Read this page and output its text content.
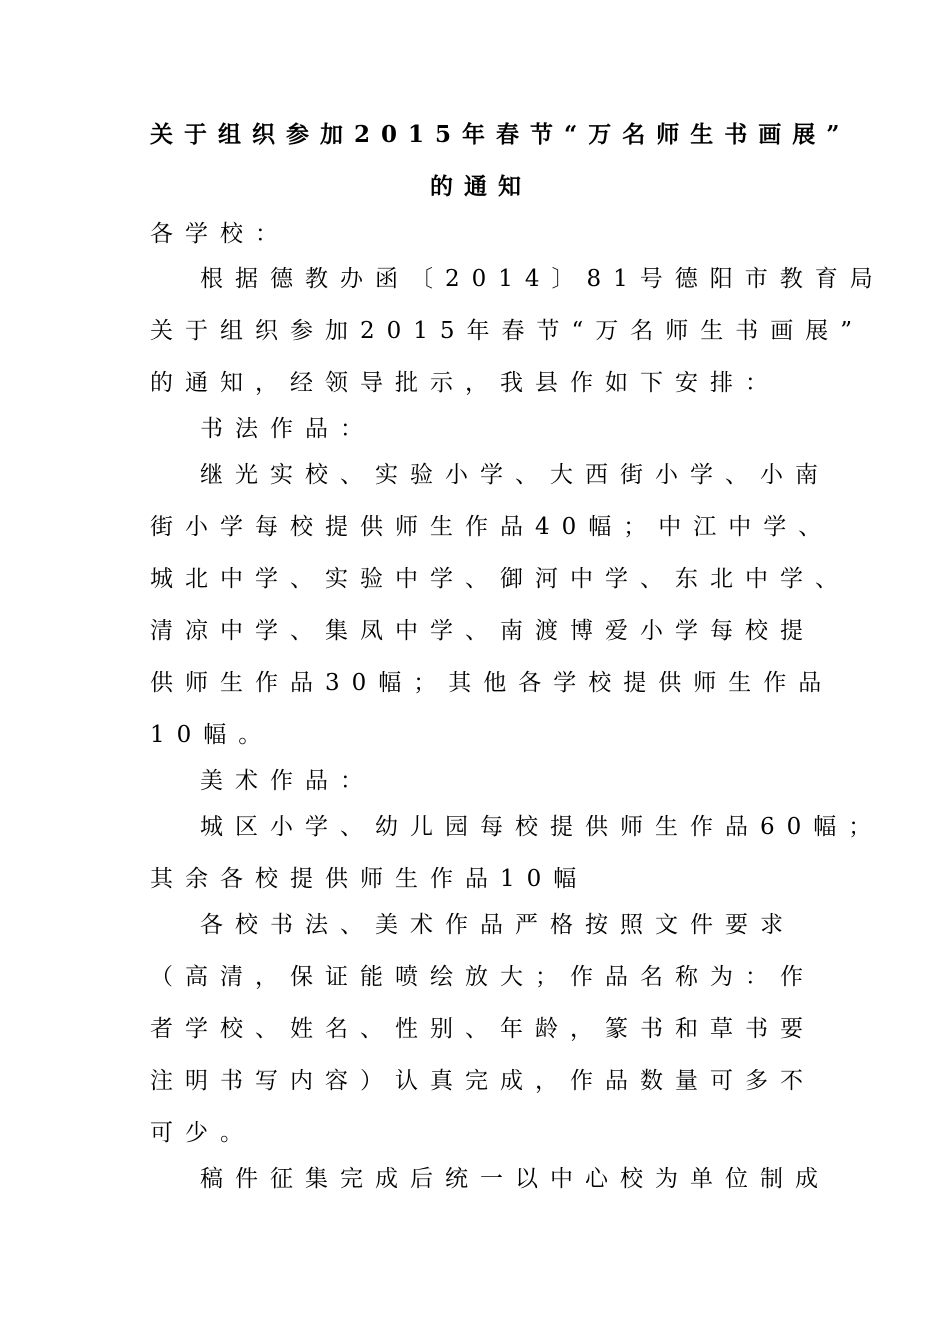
关于组织参加2015年春节“万名师生书画展”
的通知
各学校：
根据德教办函〔2014〕81号德阳市教育局
关于组织参加2015年春节“万名师生书画展”
的通知，经领导批示，我县作如下安排：
书法作品：
继光实校、实验小学、大西街小学、小南
街小学每校提供师生作品40幅；中江中学、
城北中学、实验中学、御河中学、东北中学、
清凉中学、集凤中学、南渡博爱小学每校提
供师生作品30幅；其他各学校提供师生作品
10幅。
美术作品：
城区小学、幼儿园每校提供师生作品60幅；
其余各校提供师生作品10幅
各校书法、美术作品严格按照文件要求
（高清，保证能喷绘放大；作品名称为：作
者学校、姓名、性别、年龄，篆书和草书要
注明书写内容）认真完成，作品数量可多不
可少。
稿件征集完成后统一以中心校为单位制成
